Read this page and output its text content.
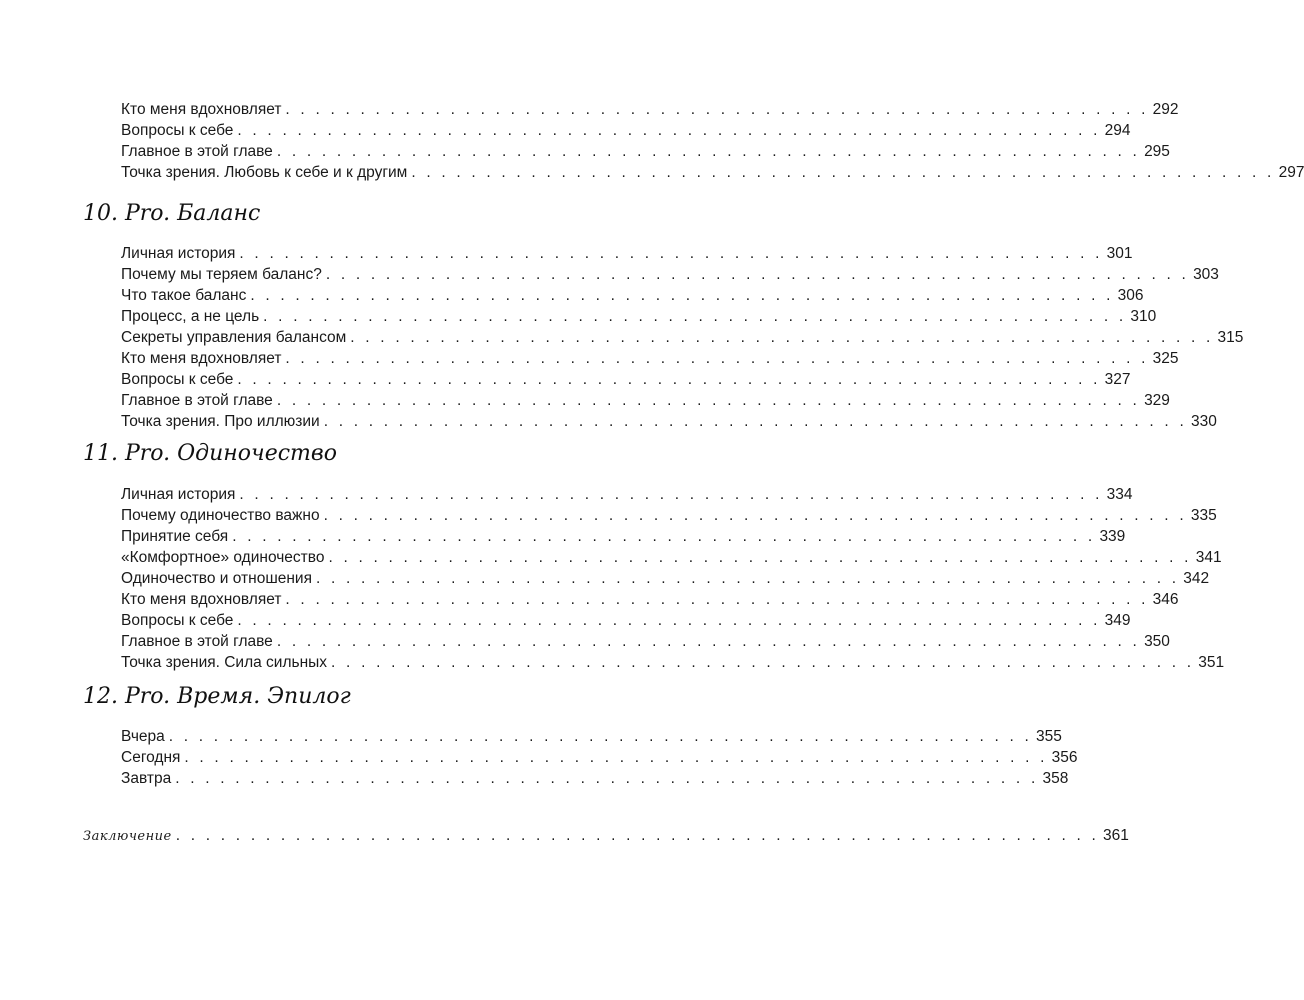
Кто меня вдохновляет . . . . . . . . . . . . . . . . . . . . . . . . . . . . . . . . . . . . . . . . . . . . . . . . . . . . . . . . . . 292
Вопросы к себе . . . . . . . . . . . . . . . . . . . . . . . . . . . . . . . . . . . . . . . . . . . . . . . . . . . . . . . . . . 294
Главное в этой главе . . . . . . . . . . . . . . . . . . . . . . . . . . . . . . . . . . . . . . . . . . . . . . . . . . . . . . . . . . 295
Точка зрения. Любовь к себе и к другим . . . . . . . . . . . . . . . . . . . . . . . . . . . . . . . . . . . . . . . . . . . . . . . . . . . . . . . . . . 297
10. Pro. Баланс
Личная история . . . . . . . . . . . . . . . . . . . . . . . . . . . . . . . . . . . . . . . . . . . . . . . . . . . . . . . . . . 301
Почему мы теряем баланс? . . . . . . . . . . . . . . . . . . . . . . . . . . . . . . . . . . . . . . . . . . . . . . . . . . . . . . . . . . 303
Что такое баланс . . . . . . . . . . . . . . . . . . . . . . . . . . . . . . . . . . . . . . . . . . . . . . . . . . . . . . . . . . 306
Процесс, а не цель . . . . . . . . . . . . . . . . . . . . . . . . . . . . . . . . . . . . . . . . . . . . . . . . . . . . . . . . . . 310
Секреты управления балансом . . . . . . . . . . . . . . . . . . . . . . . . . . . . . . . . . . . . . . . . . . . . . . . . . . . . . . . . . . 315
Кто меня вдохновляет . . . . . . . . . . . . . . . . . . . . . . . . . . . . . . . . . . . . . . . . . . . . . . . . . . . . . . . . . . 325
Вопросы к себе . . . . . . . . . . . . . . . . . . . . . . . . . . . . . . . . . . . . . . . . . . . . . . . . . . . . . . . . . . 327
Главное в этой главе . . . . . . . . . . . . . . . . . . . . . . . . . . . . . . . . . . . . . . . . . . . . . . . . . . . . . . . . . . 329
Точка зрения. Про иллюзии . . . . . . . . . . . . . . . . . . . . . . . . . . . . . . . . . . . . . . . . . . . . . . . . . . . . . . . . . . 330
11. Pro. Одиночество
Личная история . . . . . . . . . . . . . . . . . . . . . . . . . . . . . . . . . . . . . . . . . . . . . . . . . . . . . . . . . . 334
Почему одиночество важно . . . . . . . . . . . . . . . . . . . . . . . . . . . . . . . . . . . . . . . . . . . . . . . . . . . . . . . . . . 335
Принятие себя . . . . . . . . . . . . . . . . . . . . . . . . . . . . . . . . . . . . . . . . . . . . . . . . . . . . . . . . . . 339
«Комфортное» одиночество . . . . . . . . . . . . . . . . . . . . . . . . . . . . . . . . . . . . . . . . . . . . . . . . . . . . . . . . . . 341
Одиночество и отношения . . . . . . . . . . . . . . . . . . . . . . . . . . . . . . . . . . . . . . . . . . . . . . . . . . . . . . . . . . 342
Кто меня вдохновляет . . . . . . . . . . . . . . . . . . . . . . . . . . . . . . . . . . . . . . . . . . . . . . . . . . . . . . . . . . 346
Вопросы к себе . . . . . . . . . . . . . . . . . . . . . . . . . . . . . . . . . . . . . . . . . . . . . . . . . . . . . . . . . . 349
Главное в этой главе . . . . . . . . . . . . . . . . . . . . . . . . . . . . . . . . . . . . . . . . . . . . . . . . . . . . . . . . . . 350
Точка зрения. Сила сильных . . . . . . . . . . . . . . . . . . . . . . . . . . . . . . . . . . . . . . . . . . . . . . . . . . . . . . . . . . 351
12. Pro. Время. Эпилог
Вчера . . . . . . . . . . . . . . . . . . . . . . . . . . . . . . . . . . . . . . . . . . . . . . . . . . . . . . . . . . 355
Сегодня . . . . . . . . . . . . . . . . . . . . . . . . . . . . . . . . . . . . . . . . . . . . . . . . . . . . . . . . . . 356
Завтра . . . . . . . . . . . . . . . . . . . . . . . . . . . . . . . . . . . . . . . . . . . . . . . . . . . . . . . . . . 358
Заключение . . . . . . . . . . . . . . . . . . . . . . . . . . . . . . . . . . . . . . . . . . . . . . . . . . . . . . . . . . . . . . 361
